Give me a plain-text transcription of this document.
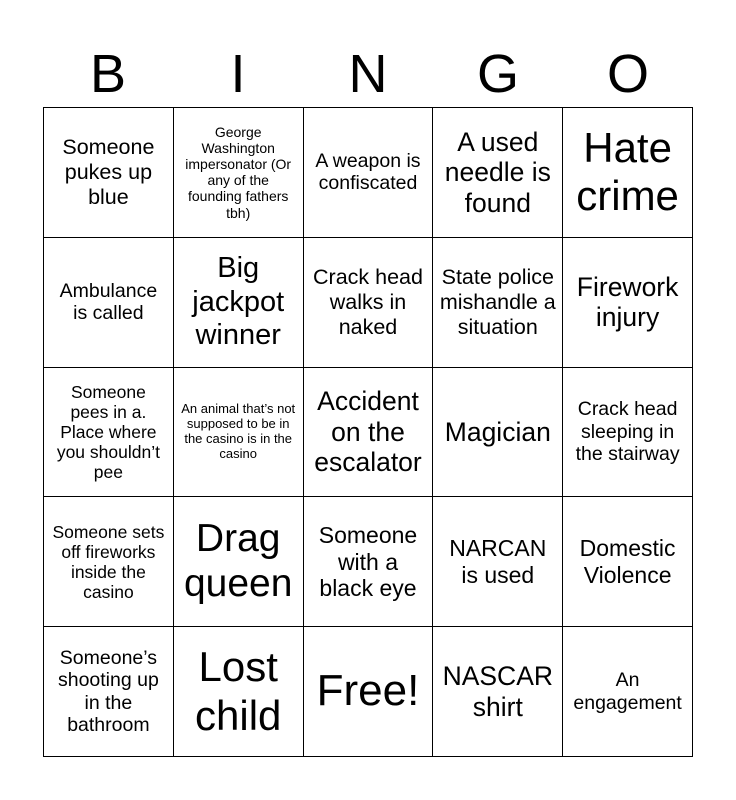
B	I	N	G	O
Someone pukes up blue
George Washington impersonator (Or any of the founding fathers tbh)
A weapon is confiscated
A used needle is found
Hate crime
Ambulance is called
Big jackpot winner
Crack head walks in naked
State police mishandle a situation
Firework injury
Someone pees in a. Place where you shouldn’t pee
An animal that’s not supposed to be in the casino is in the casino
Accident on the escalator
Magician
Crack head sleeping in the stairway
Someone sets off fireworks inside the casino
Drag queen
Someone with a black eye
NARCAN is used
Domestic Violence
Someone’s shooting up in the bathroom
Lost child Free! NASCAR shirt
An engagement
